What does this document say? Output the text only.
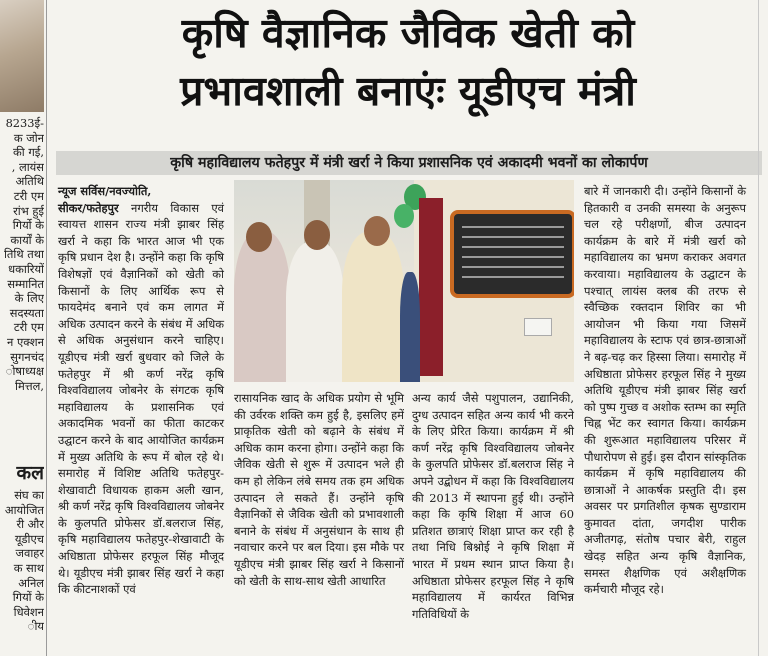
8233ई-
क जोन
की गई,
, लायंस
अतिथि
टरी एम
रांभ हुई
गिर्यो के
कार्यों के
तिथि तथा
धकारियों
सम्मानित
के लिए
सदस्यता
टरी एम
न एक्शन
सुगनचंद
ोषाध्यक्ष
मित्तल,
कल
संघ का
आयोजित
री और
यूडीएच
जवाहर
क साथ
अनिल
गियों के
धिवेशन
ीय
कृषि वैज्ञानिक जैविक खेती को
प्रभावशाली बनाएंः यूडीएच मंत्री
कृषि महाविद्यालय फतेहपुर में मंत्री खर्रा ने किया प्रशासनिक एवं अकादमी भवनों का लोकार्पण

न्यूज सर्विस/नवज्योति,
सीकर/फतेहपुर नगरीय विकास एवं स्वायत्त शासन राज्य मंत्री झाबर सिंह खर्रा ने कहा कि भारत आज भी एक कृषि प्रधान देश है। उन्होंने कहा कि कृषि विशेषज्ञों एवं वैज्ञानिकों को खेती को किसानों के लिए आर्थिक रूप से फायदेमंद बनाने एवं कम लागत में अधिक उत्पादन करने के संबंध में अधिक से अधिक अनुसंधान करने चाहिए। यूडीएच मंत्री खर्रा बुधवार को जिले के फतेहपुर में श्री कर्ण नरेंद्र कृषि विश्वविद्यालय जोबनेर के संगटक कृषि महाविद्यालय के प्रशासनिक एवं अकादमिक भवनों का फीता काटकर उद्घाटन करने के बाद आयोजित कार्यक्रम में मुख्य अतिथि के रूप में बोल रहे थे। समारोह में विशिष्ट अतिथि फतेहपुर-शेखावाटी विधायक हाकम अली खान, श्री कर्ण नरेंद्र कृषि विश्वविद्यालय जोबनेर के कुलपति प्रोफेसर डॉ.बलराज सिंह, कृषि महाविद्यालय फतेहपुर-शेखावाटी के अधिष्ठाता प्रोफेसर हरफूल सिंह मौजूद थे। यूडीएच मंत्री झाबर सिंह खर्रा ने कहा कि कीटनाशकों एवं

रासायनिक खाद के अधिक प्रयोग से भूमि की उर्वरक शक्ति कम हुई है, इसलिए हमें प्राकृतिक खेती को बढ़ाने के संबंध में अधिक काम करना होगा। उन्होंने कहा कि जैविक खेती से शुरू में उत्पादन भले ही कम हो लेकिन लंबे समय तक हम अधिक उत्पादन ले सकते हैं। उन्होंने कृषि वैज्ञानिकों से जैविक खेती को प्रभावशाली बनाने के संबंध में अनुसंधान के साथ ही नवाचार करने पर बल दिया। इस मौके पर यूडीएच मंत्री झाबर सिंह खर्रा ने किसानों को खेती के साथ-साथ खेती आधारित

अन्य कार्य जैसे पशुपालन, उद्यानिकी, दुग्ध उत्पादन सहित अन्य कार्य भी करने के लिए प्रेरित किया। कार्यक्रम में श्री कर्ण नरेंद्र कृषि विश्वविद्यालय जोबनेर के कुलपति प्रोफेसर डॉ.बलराज सिंह ने अपने उद्बोधन में कहा कि विश्वविद्यालय की 2013 में स्थापना हुई थी। उन्होंने कहा कि कृषि शिक्षा में आज 60 प्रतिशत छात्राएं शिक्षा प्राप्त कर रही है तथा निधि बिश्नोई ने कृषि शिक्षा में भारत में प्रथम स्थान प्राप्त किया है। अधिष्ठाता प्रोफेसर हरफूल सिंह ने कृषि महाविद्यालय में कार्यरत विभिन्न गतिविधियों के

बारे में जानकारी दी। उन्होंने किसानों के हितकारी व उनकी समस्या के अनुरूप चल रहे परीक्षणों, बीज उत्पादन कार्यक्रम के बारे में मंत्री खर्रा को महाविद्यालय का भ्रमण कराकर अवगत करवाया। महाविद्यालय के उद्घाटन के पश्चात् लायंस क्लब की तरफ से स्वैच्छिक रक्तदान शिविर का भी आयोजन भी किया गया जिसमें महाविद्यालय के स्टाफ एवं छात्र-छात्राओं ने बढ़-चढ़ कर हिस्सा लिया। समारोह में अधिष्ठाता प्रोफेसर हरफूल सिंह ने मुख्य अतिथि यूडीएच मंत्री झाबर सिंह खर्रा को पुष्प गुच्छ व अशोक स्तम्भ का स्मृति चिह्न भेंट कर स्वागत किया। कार्यक्रम की शुरूआत महाविद्यालय परिसर में पौधारोपण से हुई। इस दौरान सांस्कृतिक कार्यक्रम में कृषि महाविद्यालय की छात्राओं ने आकर्षक प्रस्तुति दी। इस अवसर पर प्रगतिशील कृषक सुण्डाराम कुमावत दांता, जगदीश पारीक अजीतगढ़, संतोष पचार बेरी, राहुल खेदड़ सहित अन्य कृषि वैज्ञानिक, समस्त शैक्षणिक एवं अशैक्षणिक कर्मचारी मौजूद रहे।
